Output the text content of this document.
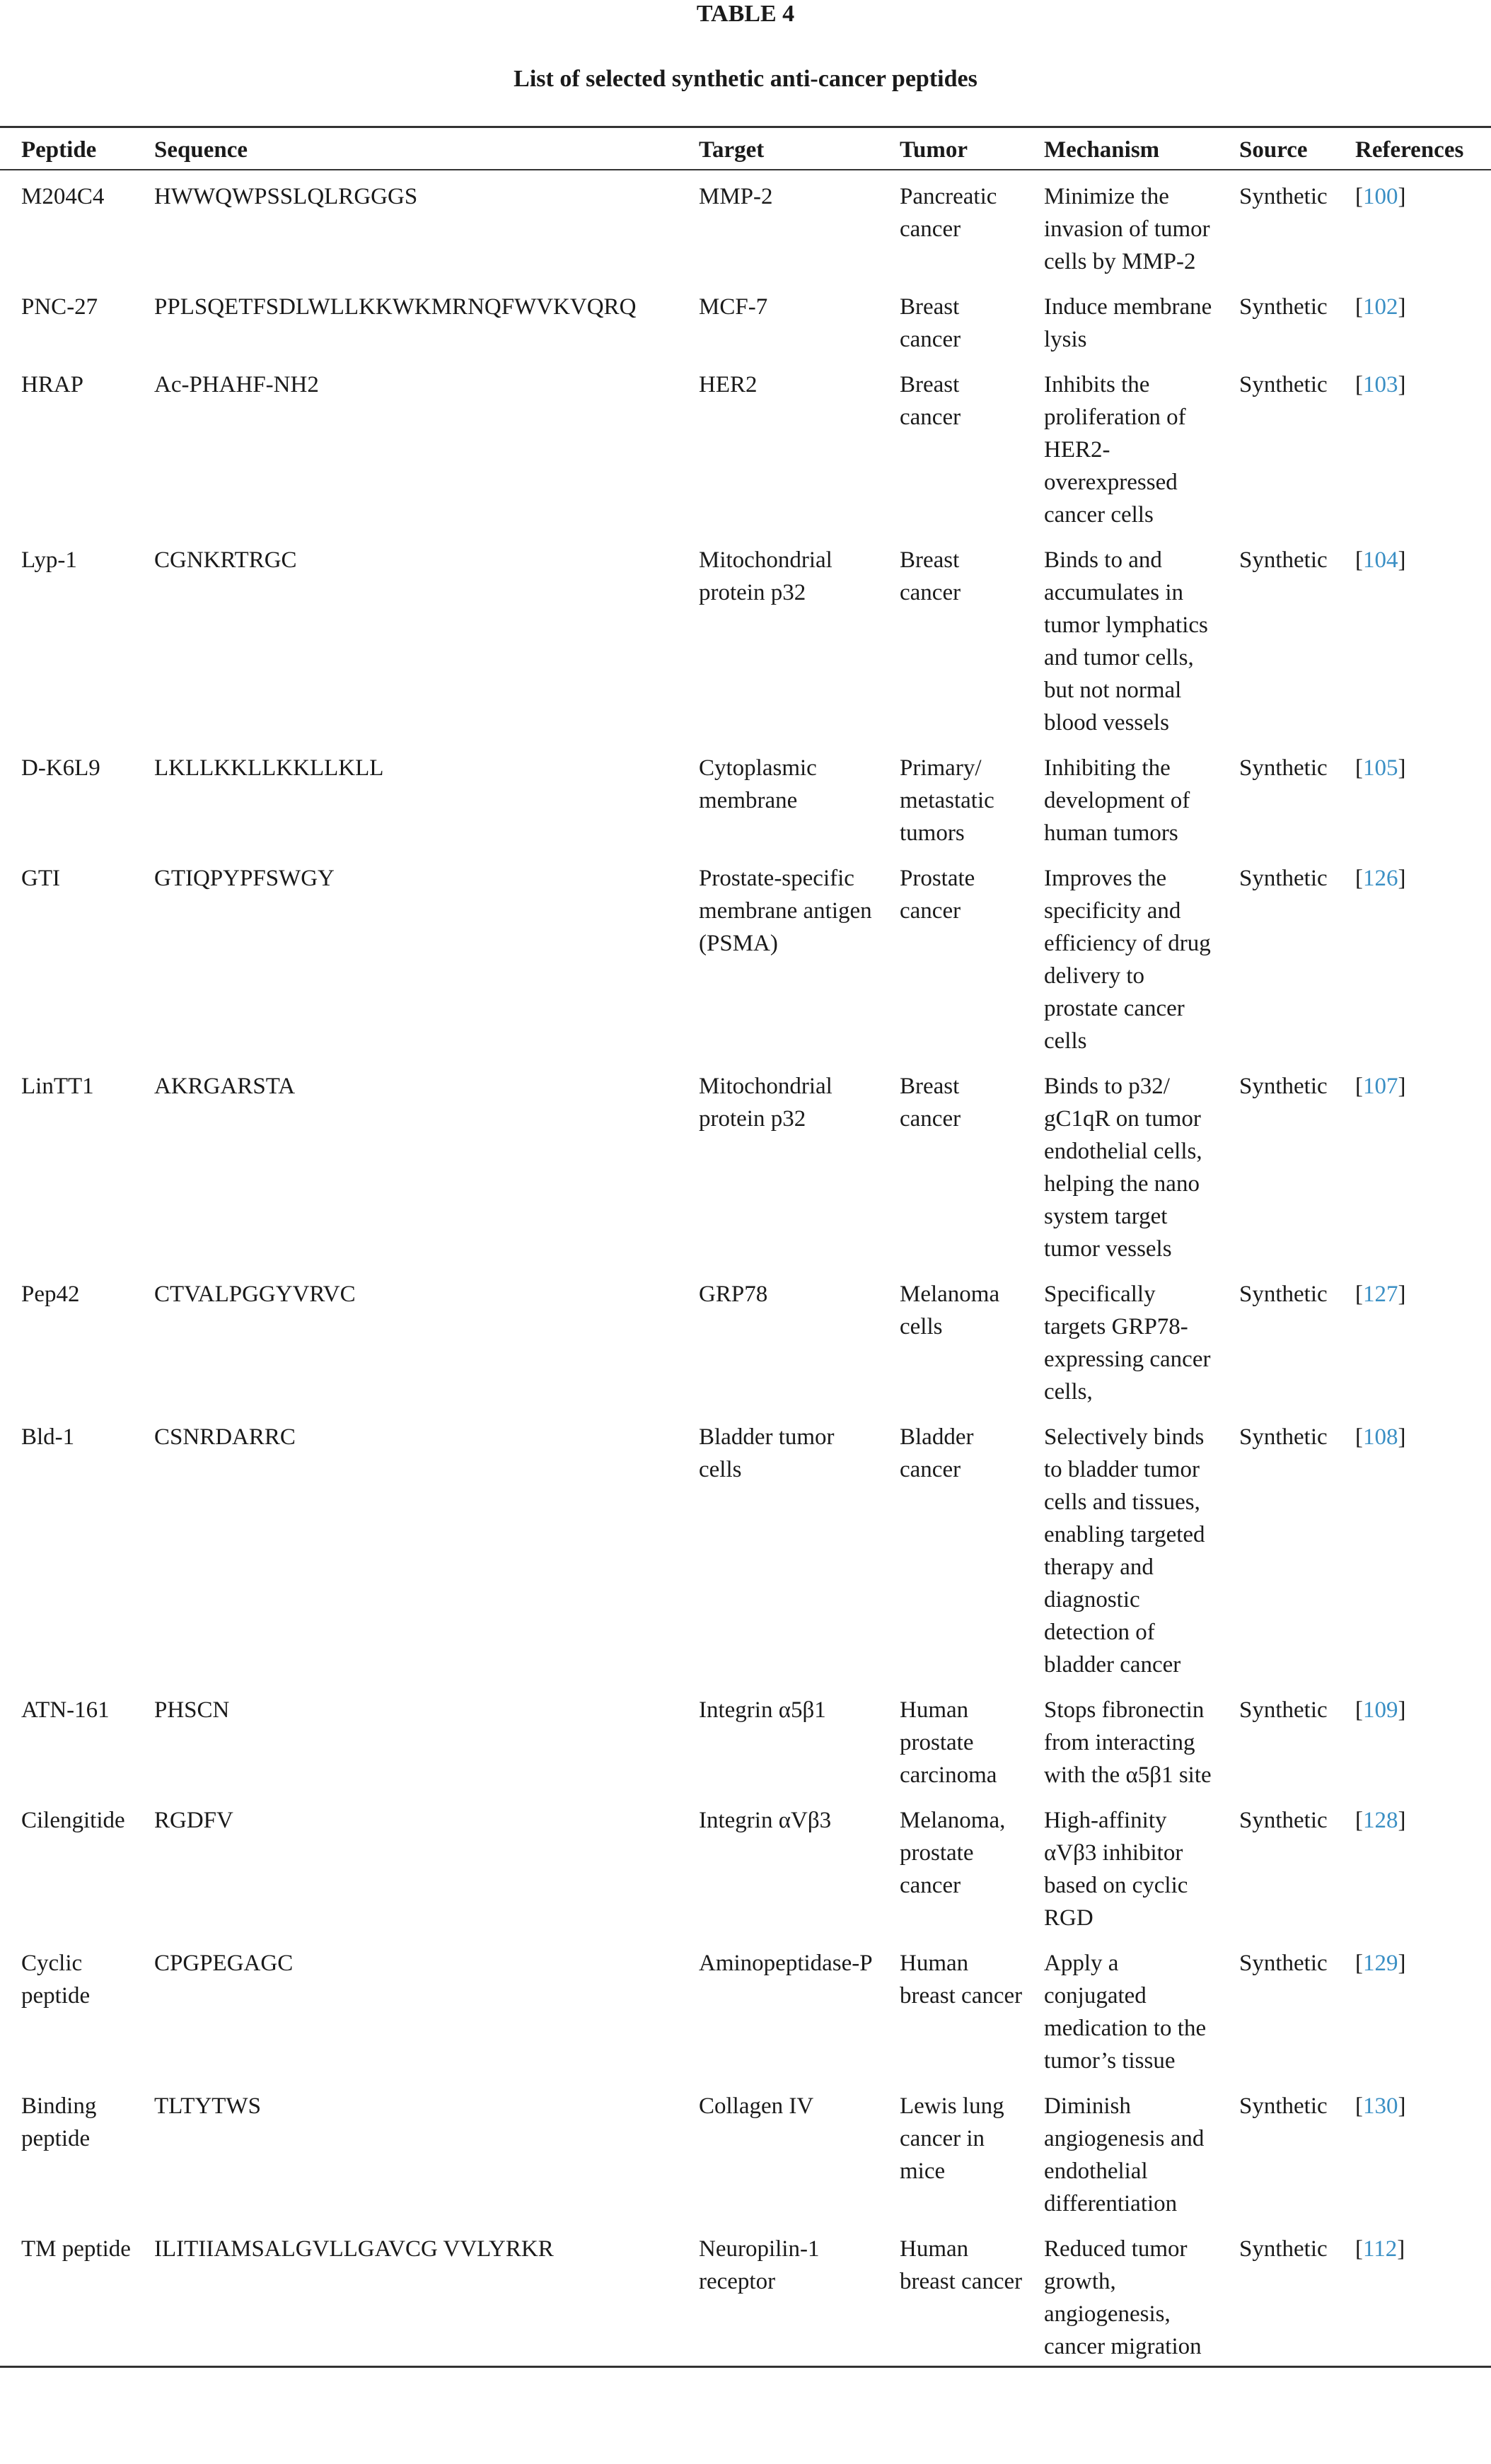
TABLE 4
List of selected synthetic anti-cancer peptides
Peptide	Sequence	Target	Tumor	Mechanism	Source	References
M204C4	HWWQWPSSLQLRGGGS	MMP-2	Pancreatic cancer	Minimize the invasion of tumor cells by MMP-2	Synthetic	[100]
PNC-27	PPLSQETFSDLWLLKKWKMRNQFWVKVQRQ	MCF-7	Breast cancer	Induce membrane lysis	Synthetic	[102]
HRAP	Ac-PHAHF-NH2	HER2	Breast cancer	Inhibits the proliferation of HER2-overexpressed cancer cells	Synthetic	[103]
Lyp-1	CGNKRTRGC	Mitochondrial protein p32	Breast cancer	Binds to and accumulates in tumor lymphatics and tumor cells, but not normal blood vessels	Synthetic	[104]
D-K6L9	LKLLKKLLKKLLKLL	Cytoplasmic membrane	Primary/ metastatic tumors	Inhibiting the development of human tumors	Synthetic	[105]
GTI	GTIQPYPFSWGY	Prostate-specific membrane antigen (PSMA)	Prostate cancer	Improves the specificity and efficiency of drug delivery to prostate cancer cells	Synthetic	[126]
LinTT1	AKRGARSTA	Mitochondrial protein p32	Breast cancer	Binds to p32/ gC1qR on tumor endothelial cells, helping the nano system target tumor vessels	Synthetic	[107]
Pep42	CTVALPGGYVRVC	GRP78	Melanoma cells	Specifically targets GRP78-expressing cancer cells,	Synthetic	[127]
Bld-1	CSNRDARRC	Bladder tumor cells	Bladder cancer	Selectively binds to bladder tumor cells and tissues, enabling targeted therapy and diagnostic detection of bladder cancer	Synthetic	[108]
ATN-161	PHSCN	Integrin α5β1	Human prostate carcinoma	Stops fibronectin from interacting with the α5β1 site	Synthetic	[109]
Cilengitide	RGDFV	Integrin αVβ3	Melanoma, prostate cancer	High-affinity αVβ3 inhibitor based on cyclic RGD	Synthetic	[128]
Cyclic peptide	CPGPEGAGC	Aminopeptidase-P	Human breast cancer	Apply a conjugated medication to the tumor’s tissue	Synthetic	[129]
Binding peptide	TLTYTWS	Collagen IV	Lewis lung cancer in mice	Diminish angiogenesis and endothelial differentiation	Synthetic	[130]
TM peptide	ILITIIAMSALGVLLGAVCG VVLYRKR	Neuropilin-1 receptor	Human breast cancer	Reduced tumor growth, angiogenesis, cancer migration	Synthetic	[112]
